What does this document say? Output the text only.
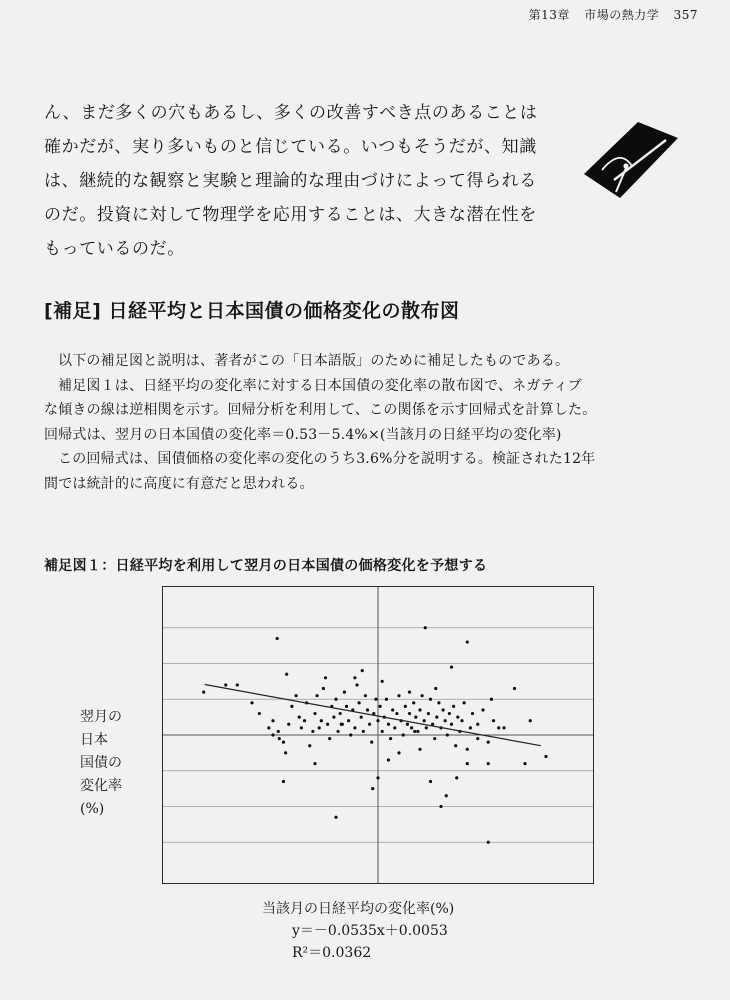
第13章 市場の熱力学 357

ん、まだ多くの穴もあるし、多くの改善すべき点のあることは

確かだが、実り多いものと信じている。いつもそうだが、知識

は、継続的な観察と実験と理論的な理由づけによって得られる

のだ。投資に対して物理学を応用することは、大きな潜在性を

もっているのだ。

[補足] 日経平均と日本国債の価格変化の散布図

以下の補足図と説明は、著者がこの「日本語版」のために補足したものである。

補足図１は、日経平均の変化率に対する日本国債の変化率の散布図で、ネガティブ

な傾きの線は逆相関を示す。回帰分析を利用して、この関係を示す回帰式を計算した。

回帰式は、翌月の日本国債の変化率＝0.53－5.4%×(当該月の日経平均の変化率)

この回帰式は、国債価格の変化率の変化のうち3.6%分を説明する。検証された12年

間では統計的に高度に有意だと思われる。

補足図１：日経平均を利用して翌月の日本国債の価格変化を予想する
翌月の
日本
国債の
変化率
(%)
当該月の日経平均の変化率(%)
y＝－0.0535x＋0.0053
R²＝0.0362
